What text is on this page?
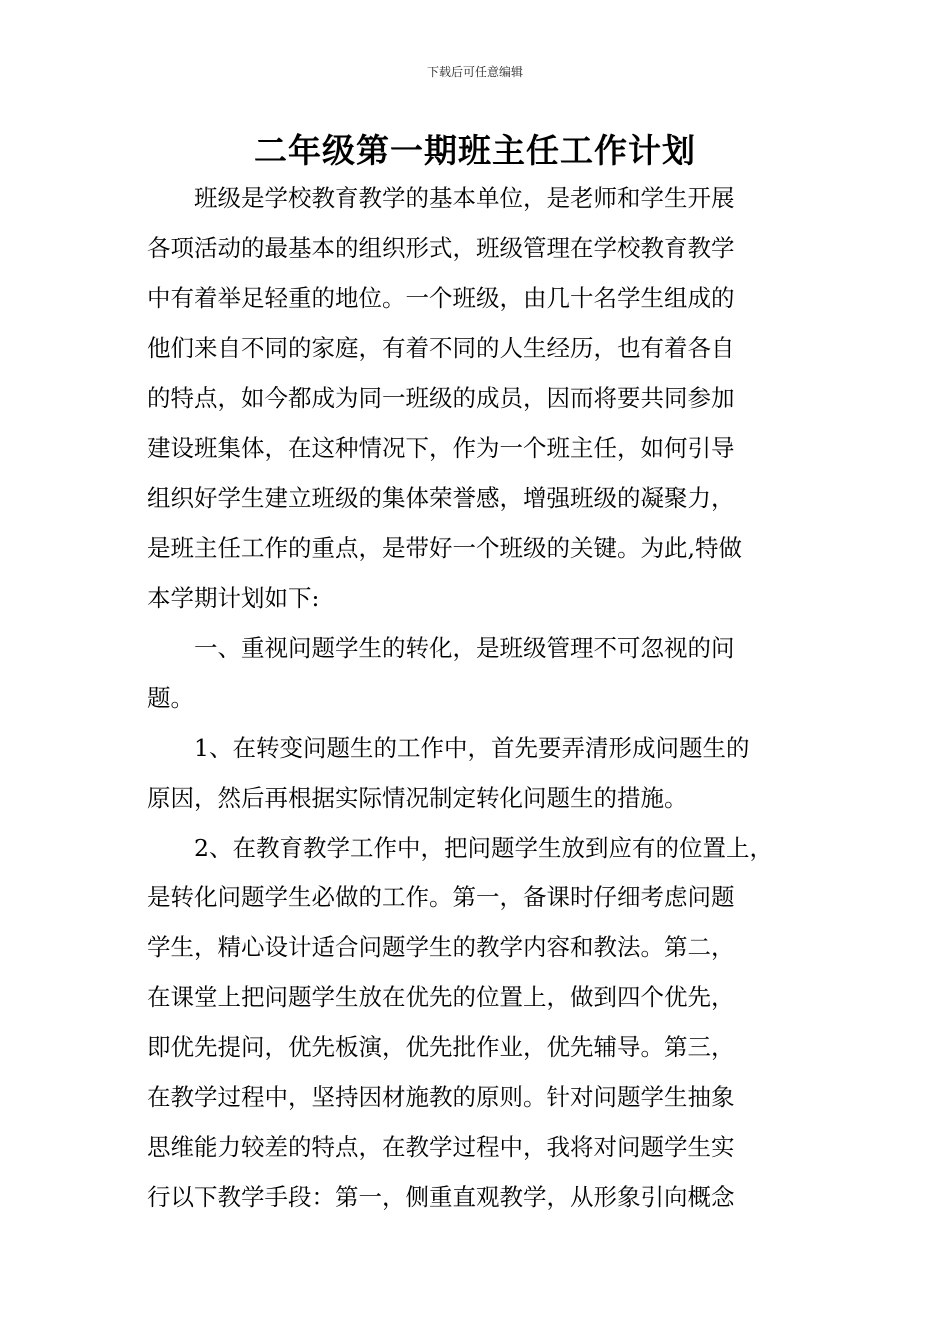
下载后可任意编辑
二年级第一期班主任工作计划
　　班级是学校教育教学的基本单位，是老师和学生开展
各项活动的最基本的组织形式，班级管理在学校教育教学
中有着举足轻重的地位。一个班级，由几十名学生组成的
他们来自不同的家庭，有着不同的人生经历，也有着各自
的特点，如今都成为同一班级的成员，因而将要共同参加
建设班集体，在这种情况下，作为一个班主任，如何引导
组织好学生建立班级的集体荣誉感，增强班级的凝聚力，
是班主任工作的重点，是带好一个班级的关键。为此,特做
本学期计划如下:
　　一、重视问题学生的转化，是班级管理不可忽视的问
题。
　　1、在转变问题生的工作中，首先要弄清形成问题生的
原因，然后再根据实际情况制定转化问题生的措施。
　　2、在教育教学工作中，把问题学生放到应有的位置上，
是转化问题学生必做的工作。第一，备课时仔细考虑问题
学生，精心设计适合问题学生的教学内容和教法。第二，
在课堂上把问题学生放在优先的位置上，做到四个优先，
即优先提问，优先板演，优先批作业，优先辅导。第三，
在教学过程中，坚持因材施教的原则。针对问题学生抽象
思维能力较差的特点，在教学过程中，我将对问题学生实
行以下教学手段：第一，侧重直观教学，从形象引向概念
